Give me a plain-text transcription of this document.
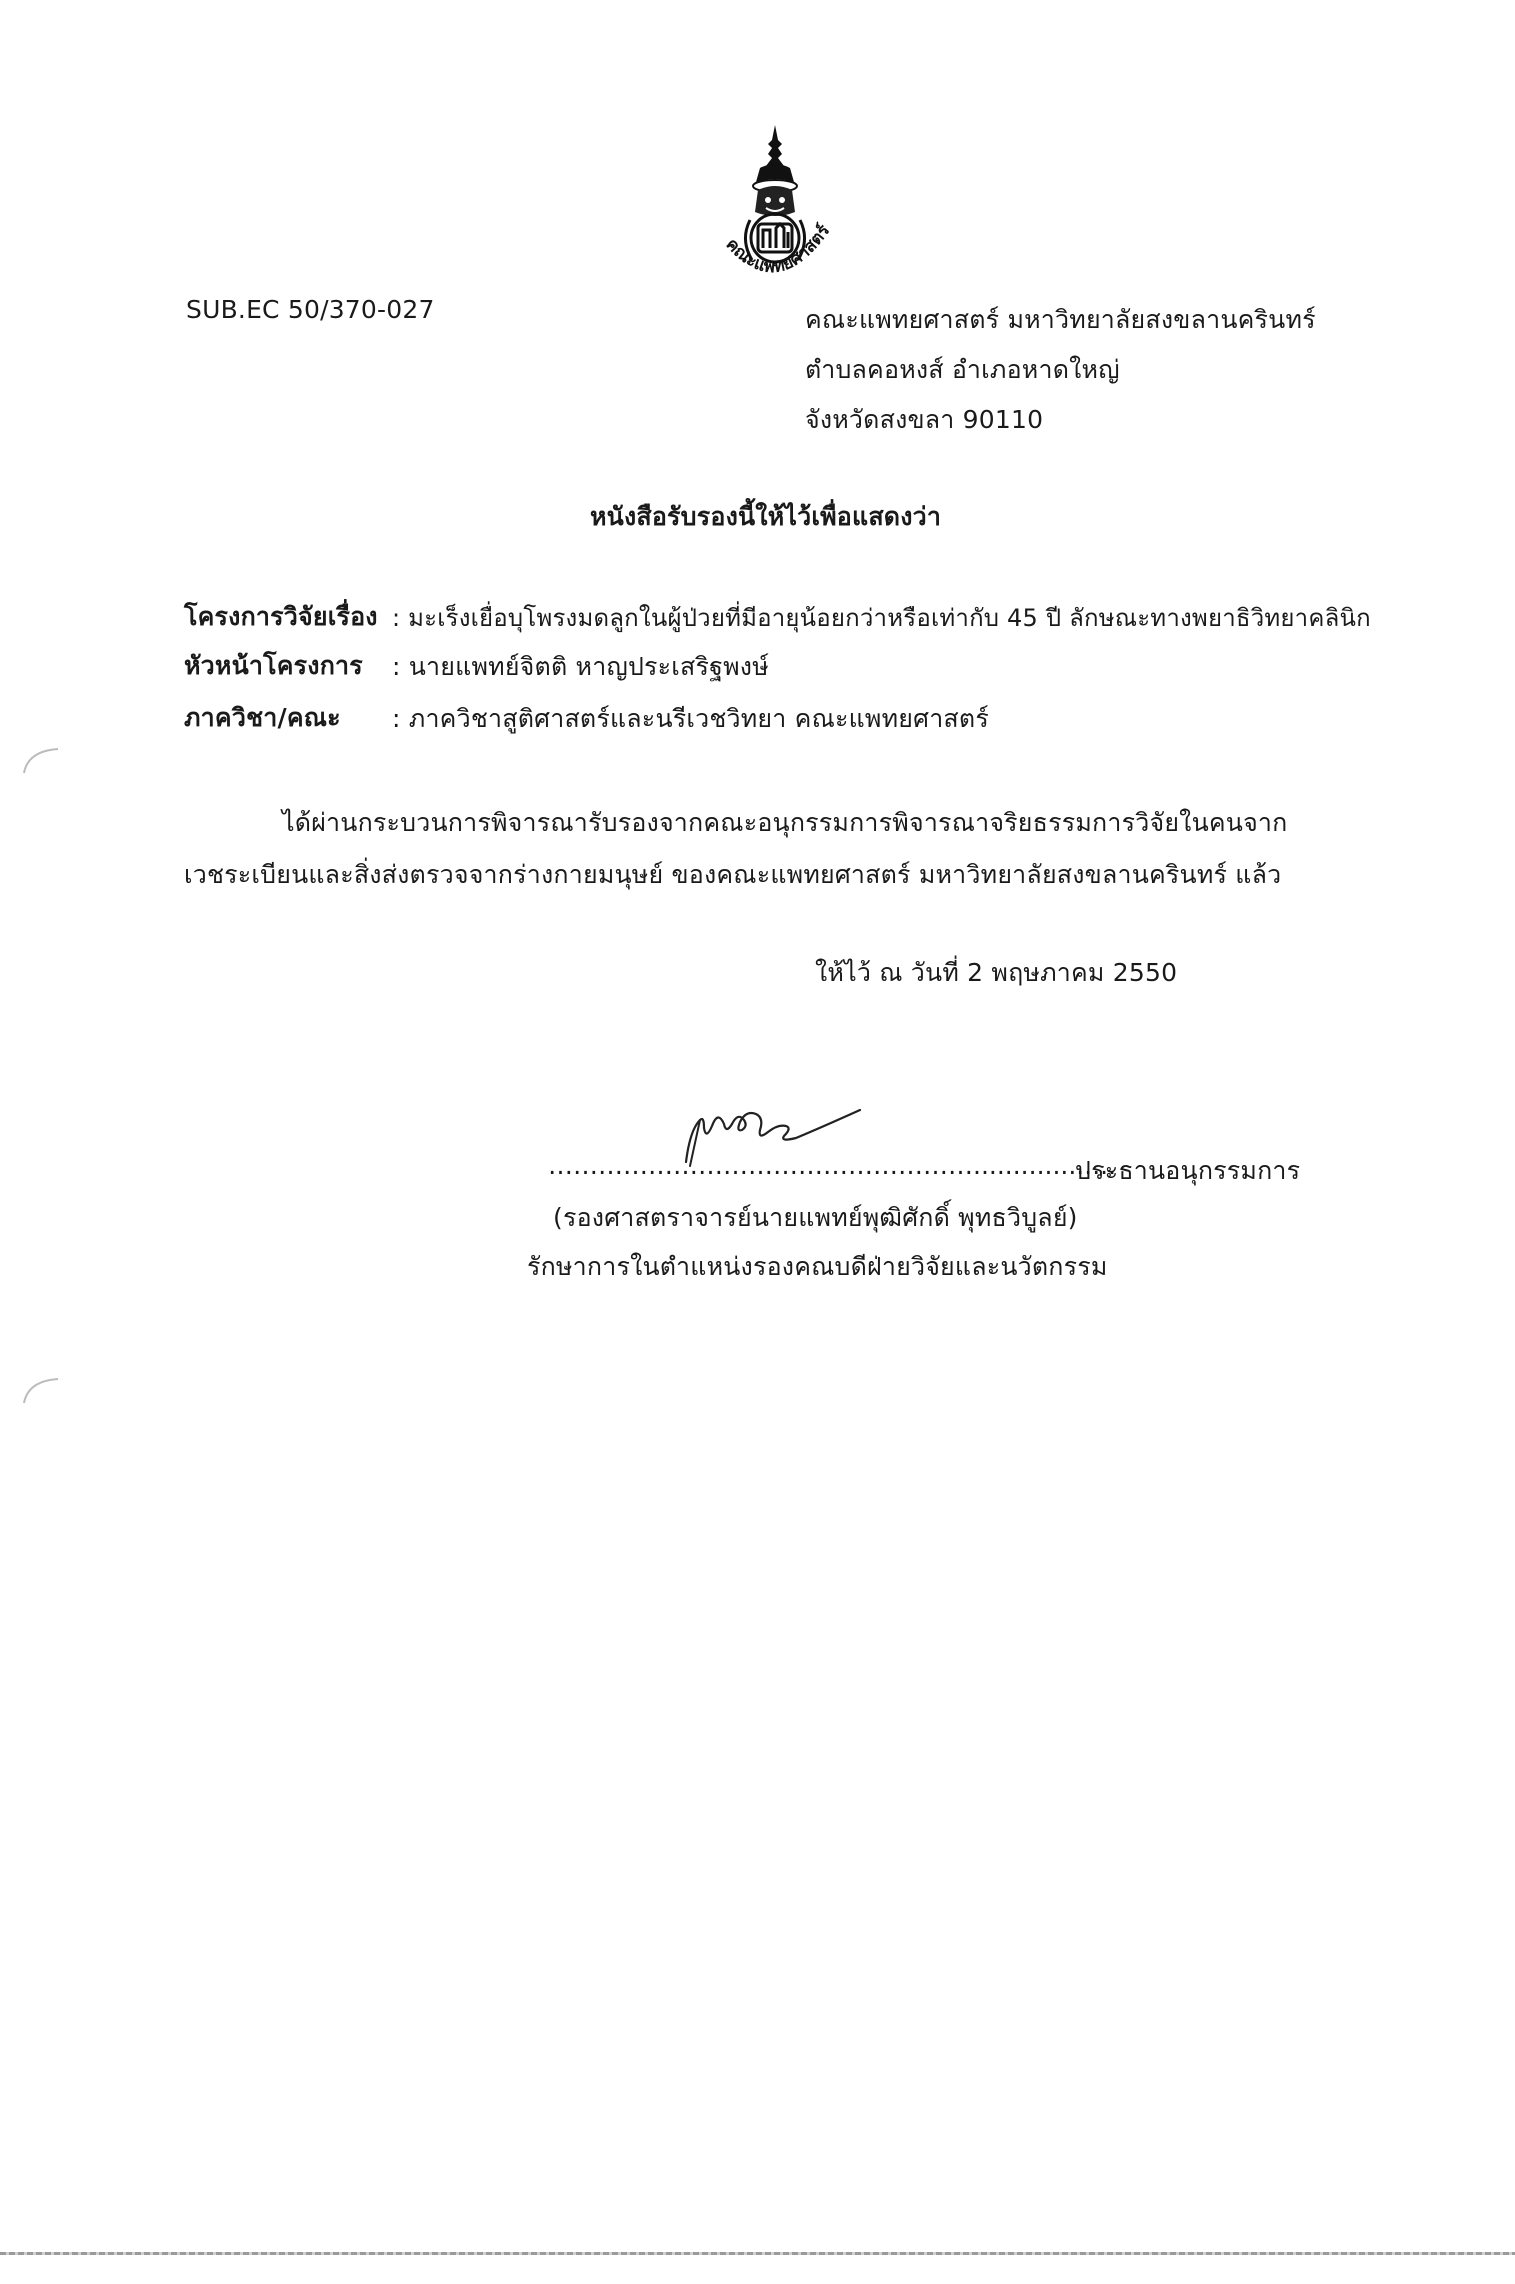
คณะแพทยศาสตร์
SUB.EC 50/370-027	คณะแพทยศาสตร์ มหาวิทยาลัยสงขลานครินทร์
ตำบลคอหงส์ อำเภอหาดใหญ่
จังหวัดสงขลา 90110
หนังสือรับรองนี้ให้ไว้เพื่อแสดงว่า
โครงการวิจัยเรื่อง : มะเร็งเยื่อบุโพรงมดลูกในผู้ป่วยที่มีอายุน้อยกว่าหรือเท่ากับ 45 ปี ลักษณะทางพยาธิวิทยาคลินิก
หัวหน้าโครงการ : นายแพทย์จิตติ หาญประเสริฐพงษ์
ภาควิชา/คณะ : ภาควิชาสูติศาสตร์และนรีเวชวิทยา คณะแพทยศาสตร์
ได้ผ่านกระบวนการพิจารณารับรองจากคณะอนุกรรมการพิจารณาจริยธรรมการวิจัยในคนจาก
เวชระเบียนและสิ่งส่งตรวจจากร่างกายมนุษย์ ของคณะแพทยศาสตร์ มหาวิทยาลัยสงขลานครินทร์ แล้ว
ให้ไว้ ณ วันที่ 2 พฤษภาคม 2550
……………………………………………..................
ประธานอนุกรรมการ
(รองศาสตราจารย์นายแพทย์พุฒิศักดิ์ พุทธวิบูลย์)
รักษาการในตำแหน่งรองคณบดีฝ่ายวิจัยและนวัตกรรม
